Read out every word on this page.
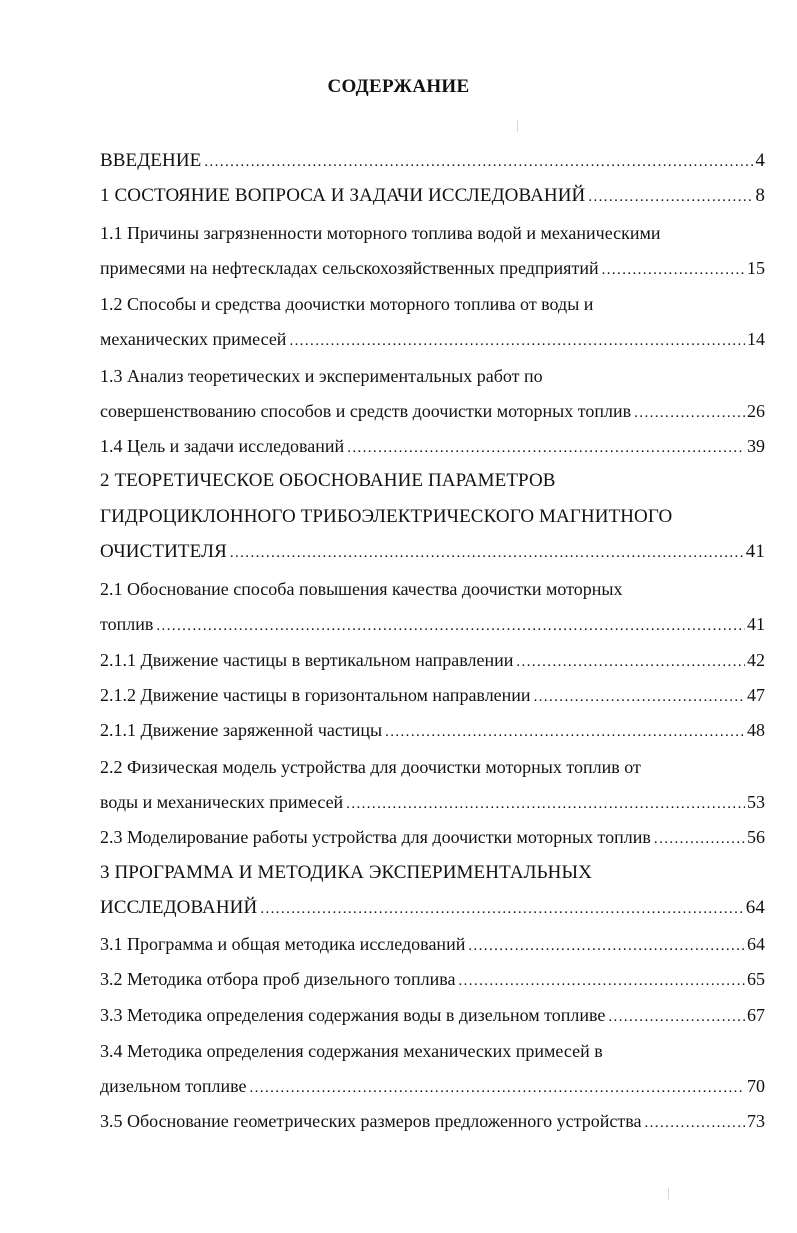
СОДЕРЖАНИЕ
ВВЕДЕНИЕ .....	4
1 СОСТОЯНИЕ ВОПРОСА И ЗАДАЧИ ИССЛЕДОВАНИЙ .....	8
1.1 Причины загрязненности моторного топлива водой и механическими
примесями на нефтескладах сельскохозяйственных предприятий .....	15
1.2 Способы и средства доочистки моторного топлива от воды и
механических примесей .....	14
1.3 Анализ теоретических и экспериментальных работ по
совершенствованию способов и средств доочистки моторных топлив .....	26
1.4 Цель и задачи исследований .....	39
2 ТЕОРЕТИЧЕСКОЕ ОБОСНОВАНИЕ ПАРАМЕТРОВ
ГИДРОЦИКЛОННОГО ТРИБОЭЛЕКТРИЧЕСКОГО МАГНИТНОГО
ОЧИСТИТЕЛЯ .....	41
2.1 Обоснование способа повышения качества доочистки моторных
топлив .....	41
2.1.1 Движение частицы в вертикальном направлении .....	42
2.1.2 Движение частицы в горизонтальном направлении .....	47
2.1.1 Движение заряженной частицы .....	48
2.2 Физическая модель устройства для доочистки моторных топлив от
воды и механических примесей .....	53
2.3 Моделирование работы устройства для доочистки моторных топлив .....	56
3 ПРОГРАММА И МЕТОДИКА ЭКСПЕРИМЕНТАЛЬНЫХ
ИССЛЕДОВАНИЙ .....	64
3.1 Программа и общая методика исследований .....	64
3.2 Методика отбора проб дизельного топлива .....	65
3.3 Методика определения содержания воды в дизельном топливе .....	67
3.4 Методика определения содержания механических примесей в
дизельном топливе .....	70
3.5 Обоснование геометрических размеров предложенного устройства .....	73
